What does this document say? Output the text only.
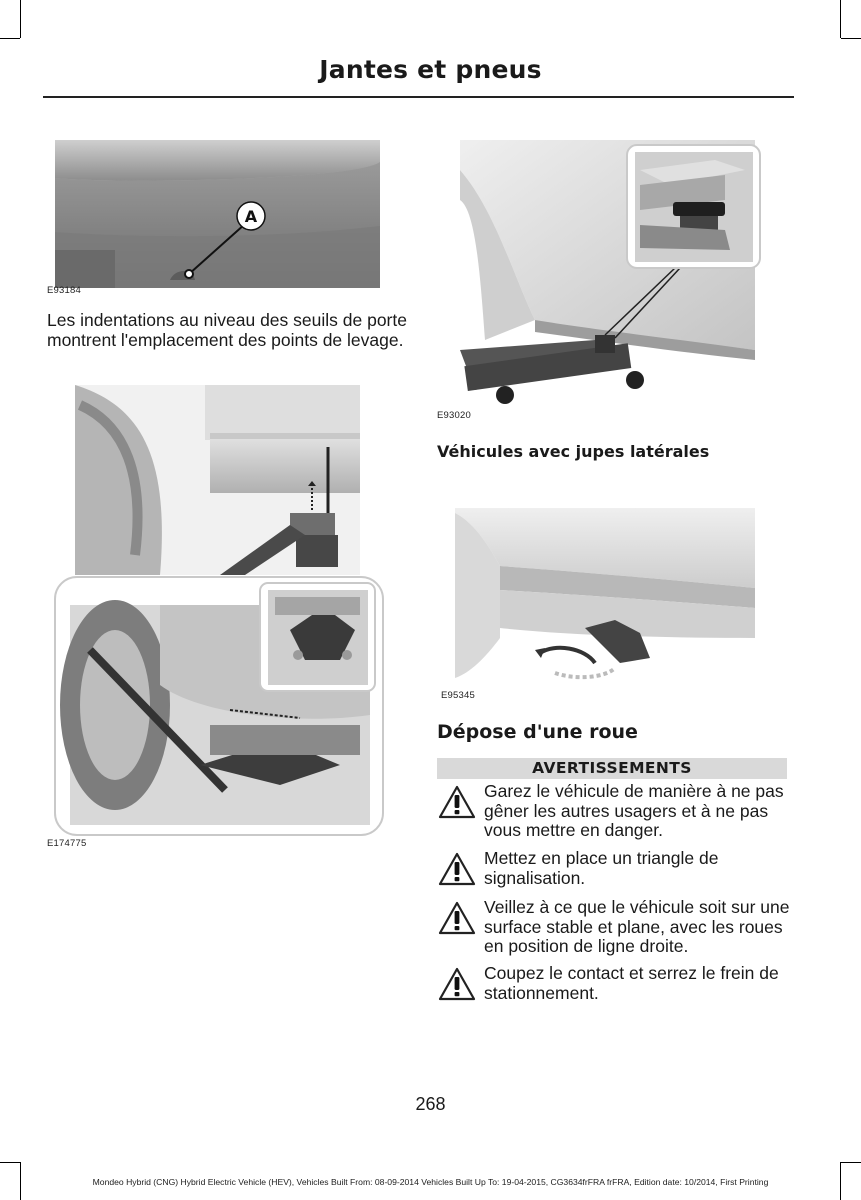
Jantes et pneus
A
E93184

Les indentations au niveau des seuils de porte montrent l'emplacement des points de levage.

E174775
E93020
Véhicules avec jupes latérales
E95345
Dépose d'une roue
AVERTISSEMENTS

Garez le véhicule de manière à ne pas gêner les autres usagers et à ne pas vous mettre en danger.

Mettez en place un triangle de signalisation.

Veillez à ce que le véhicule soit sur une surface stable et plane, avec les roues en position de ligne droite.

Coupez le contact et serrez le frein de stationnement.

268
Mondeo Hybrid (CNG) Hybrid Electric Vehicle (HEV), Vehicles Built From: 08-09-2014 Vehicles Built Up To: 19-04-2015, CG3634frFRA frFRA, Edition date: 10/2014, First Printing
